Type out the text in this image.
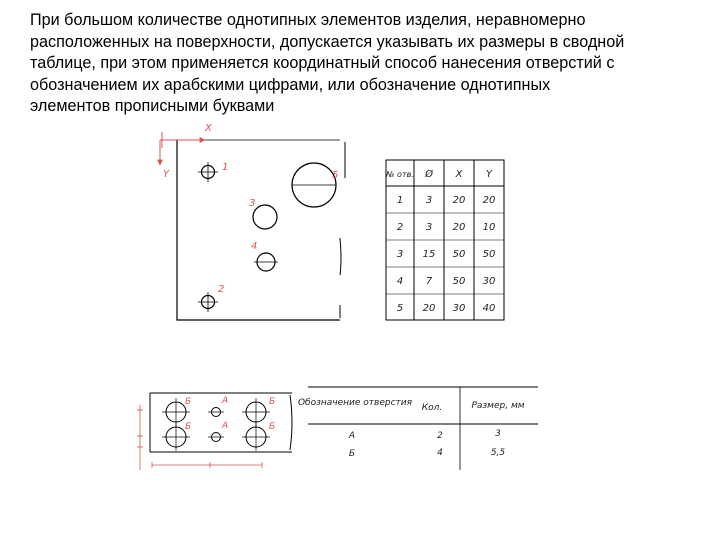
При большом количестве однотипных элементов изделия, неравномерно
расположенных на поверхности, допускается указывать их размеры в сводной
таблице, при этом применяется координатный способ нанесения отверстий с
обозначением их арабскими цифрами, или обозначение однотипных
элементов прописными буквами

X
Y
1
5
3
4
2
№ отв. Ø X Y
1 3 20 20
2 3 20 10
3 15 50 50
4 7 50 30
5 20 30 40
Б	А	Б
Б	А	Б
Обозначение отверстия Кол.	Размер, мм
А	2	3
Б	4	5,5
